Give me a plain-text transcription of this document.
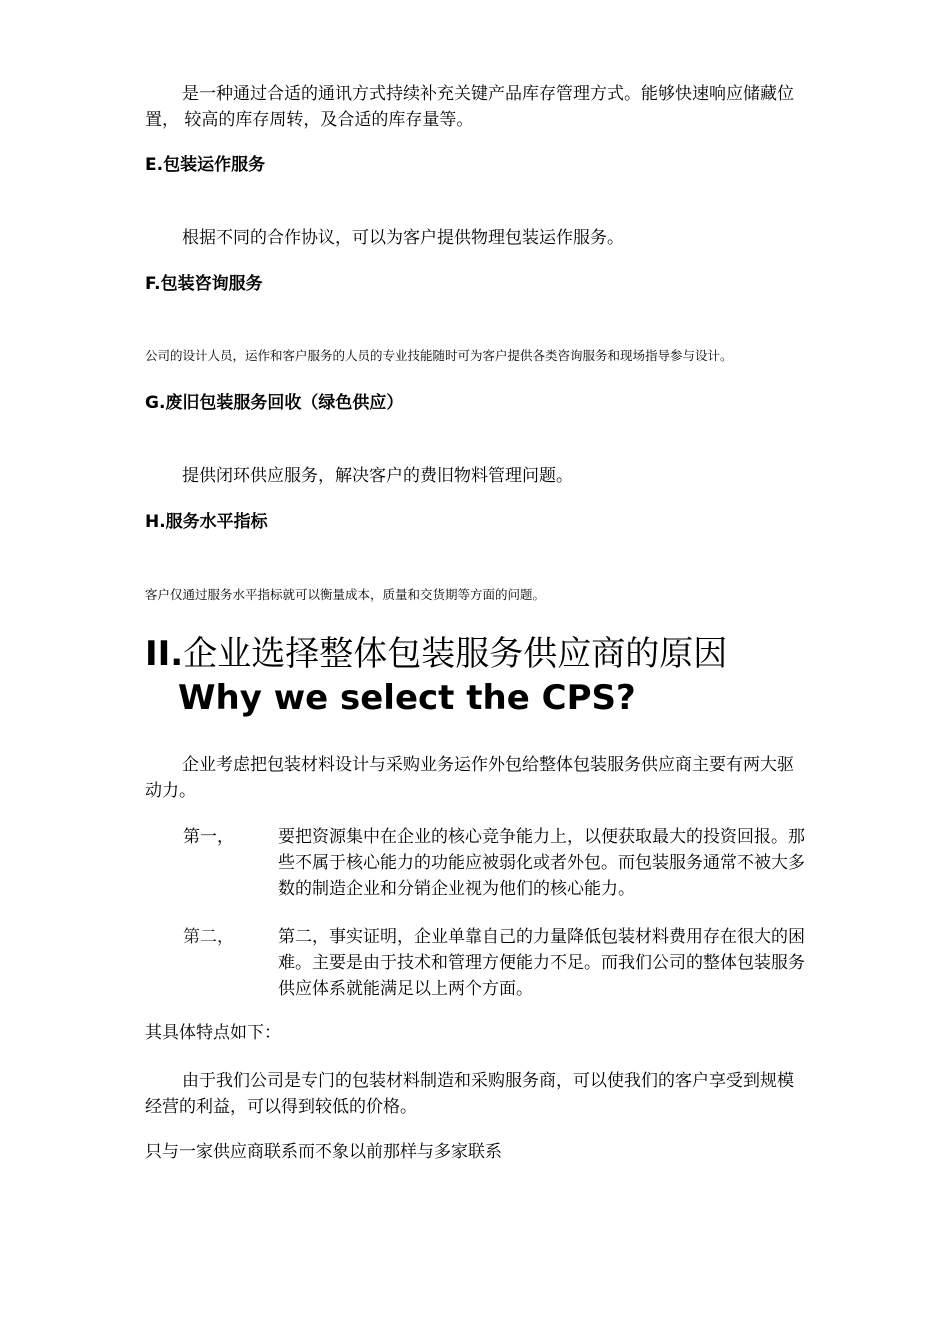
是一种通过合适的通讯方式持续补充关键产品库存管理方式。能够快速响应储藏位置， 较高的库存周转，及合适的库存量等。

E.包装运作服务

根据不同的合作协议，可以为客户提供物理包装运作服务。

F.包装咨询服务

公司的设计人员，运作和客户服务的人员的专业技能随时可为客户提供各类咨询服务和现场指导参与设计。

G.废旧包装服务回收（绿色供应）

提供闭环供应服务，解决客户的费旧物料管理问题。

H.服务水平指标

客户仅通过服务水平指标就可以衡量成本，质量和交货期等方面的问题。

II.企业选择整体包装服务供应商的原因

Why we select the CPS?

企业考虑把包装材料设计与采购业务运作外包给整体包装服务供应商主要有两大驱动力。

第一，	要把资源集中在企业的核心竞争能力上，以便获取最大的投资回报。那些不属于核心能力的功能应被弱化或者外包。而包装服务通常不被大多数的制造企业和分销企业视为他们的核心能力。
第二，	第二，事实证明，企业单靠自己的力量降低包装材料费用存在很大的困难。主要是由于技术和管理方便能力不足。而我们公司的整体包装服务供应体系就能满足以上两个方面。

其具体特点如下：

由于我们公司是专门的包装材料制造和采购服务商，可以使我们的客户享受到规模经营的利益，可以得到较低的价格。

只与一家供应商联系而不象以前那样与多家联系
